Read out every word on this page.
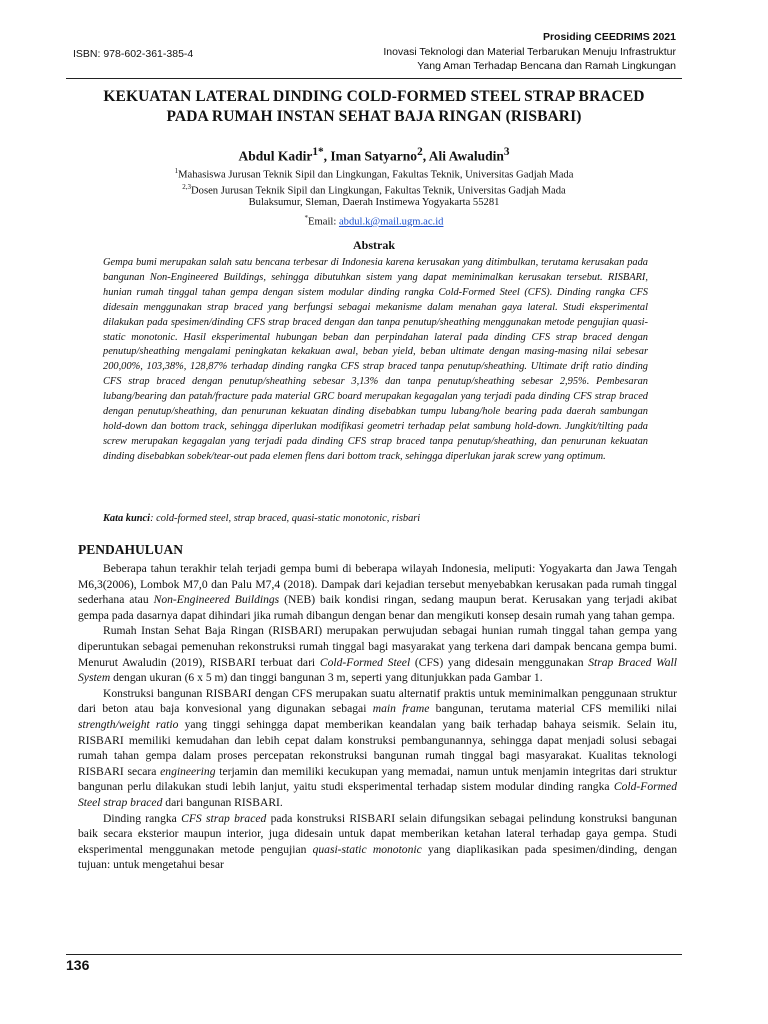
ISBN: 978-602-361-385-4
Prosiding CEEDRIMS 2021
Inovasi Teknologi dan Material Terbarukan Menuju Infrastruktur
Yang Aman Terhadap Bencana dan Ramah Lingkungan
KEKUATAN LATERAL DINDING COLD-FORMED STEEL STRAP BRACED
PADA RUMAH INSTAN SEHAT BAJA RINGAN (RISBARI)
Abdul Kadir$^{1*}$, Iman Satyarno$^2$, Ali Awaludin$^3$
$^1$Mahasiswa Jurusan Teknik Sipil dan Lingkungan, Fakultas Teknik, Universitas Gadjah Mada
$^{2,3}$Dosen Jurusan Teknik Sipil dan Lingkungan, Fakultas Teknik, Universitas Gadjah Mada
Bulaksumur, Sleman, Daerah Instimewa Yogyakarta 55281
*Email: abdul.k@mail.ugm.ac.id
Abstrak
Gempa bumi merupakan salah satu bencana terbesar di Indonesia karena kerusakan yang ditimbulkan, terutama kerusakan pada bangunan Non-Engineered Buildings, sehingga dibutuhkan sistem yang dapat meminimalkan kerusakan tersebut. RISBARI, hunian rumah tinggal tahan gempa dengan sistem modular dinding rangka Cold-Formed Steel (CFS). Dinding rangka CFS didesain menggunakan strap braced yang berfungsi sebagai mekanisme dalam menahan gaya lateral. Studi eksperimental dilakukan pada spesimen/dinding CFS strap braced dengan dan tanpa penutup/sheathing menggunakan metode pengujian quasi-static monotonic. Hasil eksperimental hubungan beban dan perpindahan lateral pada dinding CFS strap braced dengan penutup/sheathing mengalami peningkatan kekakuan awal, beban yield, beban ultimate dengan masing-masing nilai sebesar 200,00%, 103,38%, 128,87% terhadap dinding rangka CFS strap braced tanpa penutup/sheathing. Ultimate drift ratio dinding CFS strap braced dengan penutup/sheathing sebesar 3,13% dan tanpa penutup/sheathing sebesar 2,95%. Pembesaran lubang/bearing dan patah/fracture pada material GRC board merupakan kegagalan yang terjadi pada dinding CFS strap braced dengan penutup/sheathing, dan penurunan kekuatan dinding disebabkan tumpu lubang/hole bearing pada daerah sambungan hold-down dan bottom track, sehingga diperlukan modifikasi geometri terhadap pelat sambung hold-down. Jungkit/tilting pada screw merupakan kegagalan yang terjadi pada dinding CFS strap braced tanpa penutup/sheathing, dan penurunan kekuatan dinding disebabkan sobek/tear-out pada elemen flens dari bottom track, sehingga diperlukan jarak screw yang optimum.
Kata kunci: cold-formed steel, strap braced, quasi-static monotonic, risbari
PENDAHULUAN

Beberapa tahun terakhir telah terjadi gempa bumi di beberapa wilayah Indonesia, meliputi: Yogyakarta dan Jawa Tengah M6,3(2006), Lombok M7,0 dan Palu M7,4 (2018). Dampak dari kejadian tersebut menyebabkan kerusakan pada rumah tinggal sederhana atau Non-Engineered Buildings (NEB) baik kondisi ringan, sedang maupun berat. Kerusakan yang terjadi akibat gempa pada dasarnya dapat dihindari jika rumah dibangun dengan benar dan mengikuti konsep desain rumah yang tahan gempa.

Rumah Instan Sehat Baja Ringan (RISBARI) merupakan perwujudan sebagai hunian rumah tinggal tahan gempa yang diperuntukan sebagai pemenuhan rekonstruksi rumah tinggal bagi masyarakat yang terkena dari dampak bencana gempa bumi. Menurut Awaludin (2019), RISBARI terbuat dari Cold-Formed Steel (CFS) yang didesain menggunakan Strap Braced Wall System dengan ukuran (6 x 5 m) dan tinggi bangunan 3 m, seperti yang ditunjukkan pada Gambar 1.

Konstruksi bangunan RISBARI dengan CFS merupakan suatu alternatif praktis untuk meminimalkan penggunaan struktur dari beton atau baja konvesional yang digunakan sebagai main frame bangunan, terutama material CFS memiliki nilai strength/weight ratio yang tinggi sehingga dapat memberikan keandalan yang baik terhadap bahaya seismik. Selain itu, RISBARI memiliki kemudahan dan lebih cepat dalam konstruksi pembangunannya, sehingga dapat menjadi solusi sebagai rumah tahan gempa dalam proses percepatan rekonstruksi bangunan rumah tinggal bagi masyarakat. Kualitas teknologi RISBARI secara engineering terjamin dan memiliki kecukupan yang memadai, namun untuk menjamin integritas dari struktur bangunan perlu dilakukan studi lebih lanjut, yaitu studi eksperimental terhadap sistem modular dinding rangka Cold-Formed Steel strap braced dari bangunan RISBARI.

Dinding rangka CFS strap braced pada konstruksi RISBARI selain difungsikan sebagai pelindung konstruksi bangunan baik secara eksterior maupun interior, juga didesain untuk dapat memberikan ketahan lateral terhadap gaya gempa. Studi eksperimental menggunakan metode pengujian quasi-static monotonic yang diaplikasikan pada spesimen/dinding, dengan tujuan: untuk mengetahui besar

136
